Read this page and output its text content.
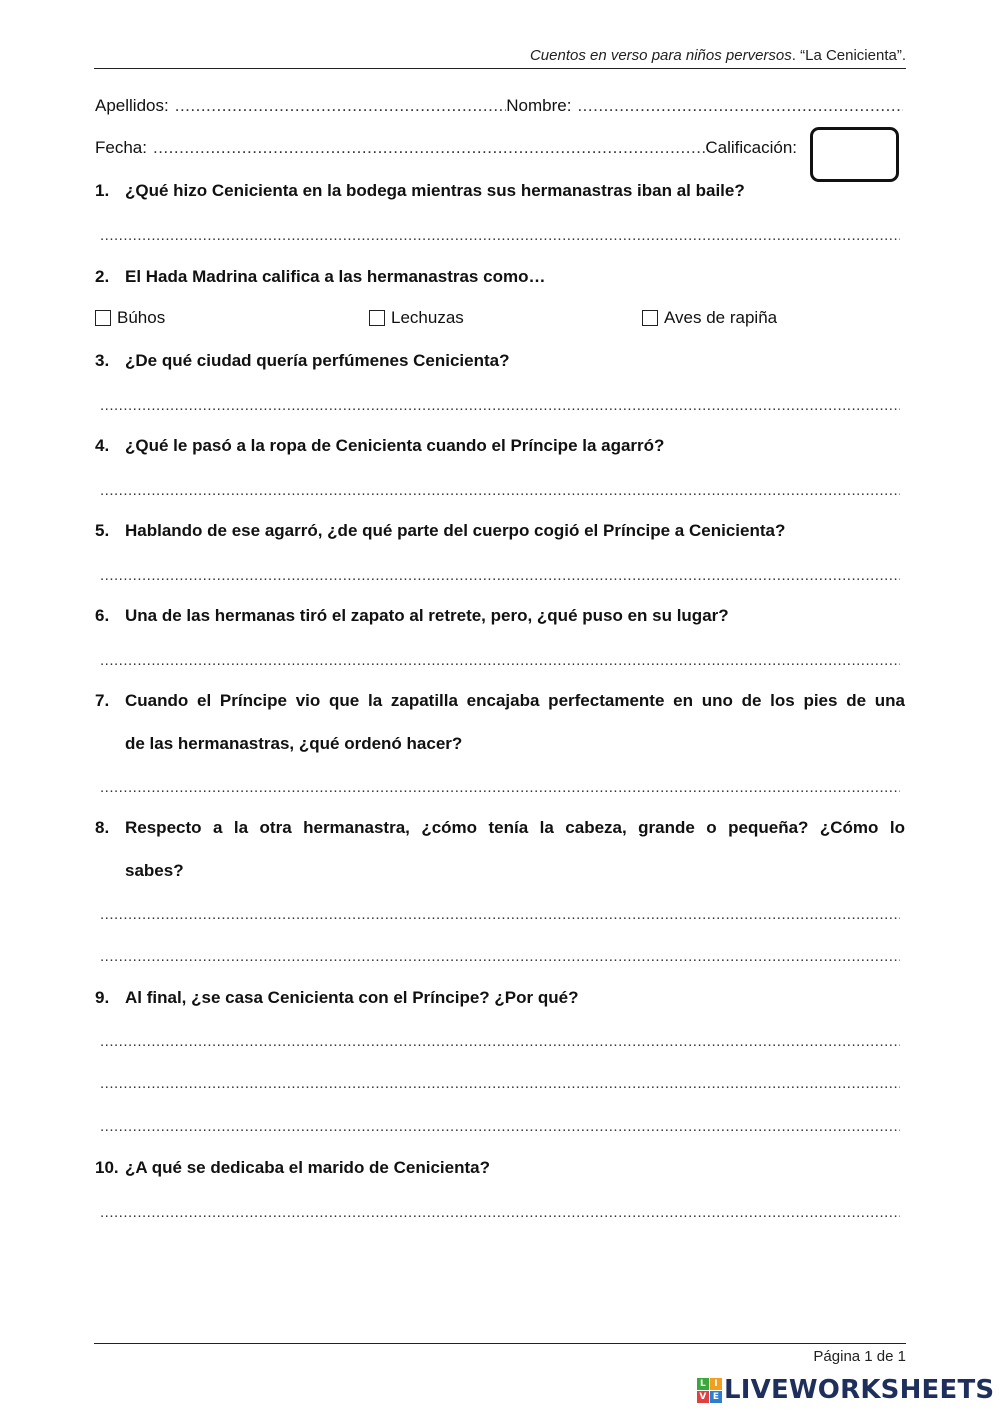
Cuentos en verso para niños perversos. “La Cenicienta”.
Apellidos: .....	Nombre:
.....
Fecha: .....	Calificación:
1. ¿Qué hizo Cenicienta en la bodega mientras sus hermanastras iban al baile?
.....
2. El Hada Madrina califica a las hermanastras como…
Búhos	Lechuzas	Aves de rapiña
3. ¿De qué ciudad quería perfúmenes Cenicienta?
.....
4. ¿Qué le pasó a la ropa de Cenicienta cuando el Príncipe la agarró?
.....
5. Hablando de ese agarró, ¿de qué parte del cuerpo cogió el Príncipe a Cenicienta?
.....
6. Una de las hermanas tiró el zapato al retrete, pero, ¿qué puso en su lugar?
.....
7. Cuando el Príncipe vio que la zapatilla encajaba perfectamente en uno de los pies de una
de las hermanastras, ¿qué ordenó hacer?
.....
8. Respecto a la otra hermanastra, ¿cómo tenía la cabeza, grande o pequeña? ¿Cómo lo
sabes?
.....
.....
9. Al final, ¿se casa Cenicienta con el Príncipe? ¿Por qué?
.....
.....
.....
10. ¿A qué se dedicaba el marido de Cenicienta?
.....
Página 1 de 1
L I
V E LIVEWORKSHEETS
